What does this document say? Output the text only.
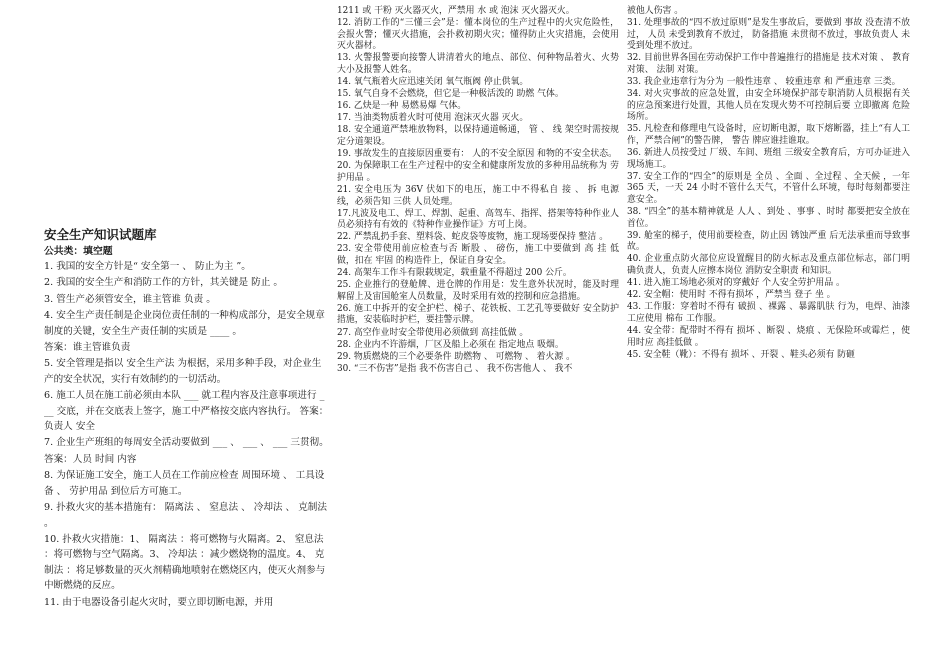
安全生产知识试题库
公共类：填空题
1. 我国的安全方针是“ 安全第一 、 防止为主 ”。
2. 我国的安全生产和消防工作的方针，其关键是 防止 。
3. 管生产必须管安全，谁主管谁 负责 。
4. 安全生产责任制是企业岗位责任制的一种构成部分，是安全规章制度的关键，安全生产责任制的实质是 ____ 。
答案：谁主管谁负责
5. 安全管理是指以 安全生产法 为根据，采用多种手段，对企业生产的安全状况，实行有效制约的一切活动。
6. 施工人员在施工前必须由本队 ___ 就工程内容及注意事项进行 ___ 交底，并在交底表上签字，施工中严格按交底内容执行。 答案：负责人 安全
7. 企业生产班组的每周安全活动要做到 ___ 、 ___ 、 ___ 三贯彻。
答案：人员 时间 内容
8. 为保证施工安全，施工人员在工作前应检查 周围环境 、 工具设备 、 劳护用品 到位后方可施工。
9. 扑救火灾的基本措施有： 隔离法 、 窒息法 、 冷却法 、 克制法 。
10. 扑救火灾措施：1、 隔离法 ：将可燃物与火隔离。2、 窒息法 ：将可燃物与空气隔离。3、 冷却法 ：减少燃烧物的温度。4、 克制法 ：将足够数量的灭火剂精确地喷射在燃烧区内，使灭火剂参与中断燃烧的反应。
11. 由于电器设备引起火灾时，要立即切断电源，并用
1211 或 干粉 灭火器灭火，严禁用 水 或 泡沫 灭火器灭火。
12. 消防工作的“三懂三会”是：懂本岗位的生产过程中的火灾危险性，会报火警；懂灭火措施，会扑救初期火灾；懂得防止火灾措施，会使用灭火器材。
13. 火警报警要向接警人讲清着火的地点、部位、何种物品着火、火势大小及报警人姓名。
14. 氧气瓶着火应迅速关闭 氧气瓶阀 停止供氧。
15. 氧气自身不会燃烧，但它是一种极活泼的 助燃 气体。
16. 乙炔是一种 易燃易爆 气体。
17. 当油类物质着火时可使用 泡沫灭火器 灭火。
18. 安全通道严禁堆放物料，以保持通道畅通， 管 、 线 架空时需按规定分道架设。
19. 事故发生的直接原因重要有： 人的不安全原因 和物的不安全状态。
20. 为保障职工在生产过程中的安全和健康所发放的多种用品统称为 劳护用品 。
21. 安全电压为 36V 伏如下的电压，施工中不得私自 接 、 拆 电源线，必须告知 三供 人员处理。
17.凡波及电工、焊工、焊割、起重、高驾车、指挥、搭架等特种作业人员必须持有有效的《特种作业操作证》方可上岗。
22. 严禁乱扔手套、塑料袋、蛇皮袋等废物，施工现场要保持 整洁 。
23. 安全带使用前应检查与否 断股 、 磅伤，施工中要做到 高 挂 低 做，扣在 牢固 的构造件上，保证自身安全。
24. 高架车工作斗有限载规定，载重量不得超过 200 公斤。
25. 企业推行的登舱牌、进仓牌的作用是：发生意外状况时，能及时理解留上及宙国舱室人员数量，及时采用有效的控制和应急措施。
26. 施工中拆开的安全护栏、梯子、花铁板、工艺孔等要做好 安全防护 措施，安装临时护栏，要挂警示牌。
27. 高空作业时安全带使用必须做到 高挂低做 。
28. 企业内不许游烟，厂区及船上必须在 指定地点 吸烟。
29. 物质燃烧的三个必要条件 助燃物 、 可燃物 、 着火源 。
30. “三不伤害”是指 我不伤害自己 、 我不伤害他人 、 我不
被他人伤害 。
31. 处理事故的“四不放过原则”是发生事故后，要做到 事故 没查清不放过， 人员 未受到教育不放过， 防备措施 未贯彻不放过，事故负责人 未受到处理不放过。
32. 目前世界各国在劳动保护工作中普遍推行的措施是 技术对策 、 教育 对策、 法制 对策。
33. 我企业违章行为分为 一般性违章 、 较重违章 和 严重违章 三类。
34. 对火灾事故的应急处置，由安全环境保护部专职消防人员根据有关的应急预案进行处置，其他人员在发现火势不可控制后要 立即撤离 危险场所。
35. 凡检查和修理电气设备时，应切断电源，取下熔断器，挂上“有人工作，严禁合闸”的警告牌， 警告 牌应谁挂谁取。
36. 新进人员按受过 厂级、车间、班组 三级安全教育后，方可办证进入现场施工。
37. 安全工作的“四全”的原则是 全员 、全面 、全过程 、全天候 ，一年 365 天，一天 24 小时不管什么天气，不管什么环境，每时每刻都要注意安全。
38. “四全”的基本精神就是 人人 、到处 、事事 、时时 都要把安全放在首位。
39. 舱室的梯子，使用前要检查，防止因 锈蚀严重 后无法承重而导致事故。
40. 企业重点防火部位应设置醒目的防火标志及重点部位标志，部门明确负责人，负责人应擦本岗位 消防安全职责 和知识。
41. 进入施工场地必须对的穿戴好 个人安全劳护用品 。
42. 安全帽：使用时 不得有损坏 ，严禁当 登子 坐 。
43. 工作服：穿着时不得有 破损 、裸露 、暴露肌肤 行为，电焊、油漆工应使用 棉布 工作服。
44. 安全带：配带时不得有 损坏 、断裂 、烧痕 、无保险环或霉烂 ，使用时应 高挂低做 。
45. 安全鞋（靴）：不得有 损坏 、开裂 、鞋头必须有 防砸
